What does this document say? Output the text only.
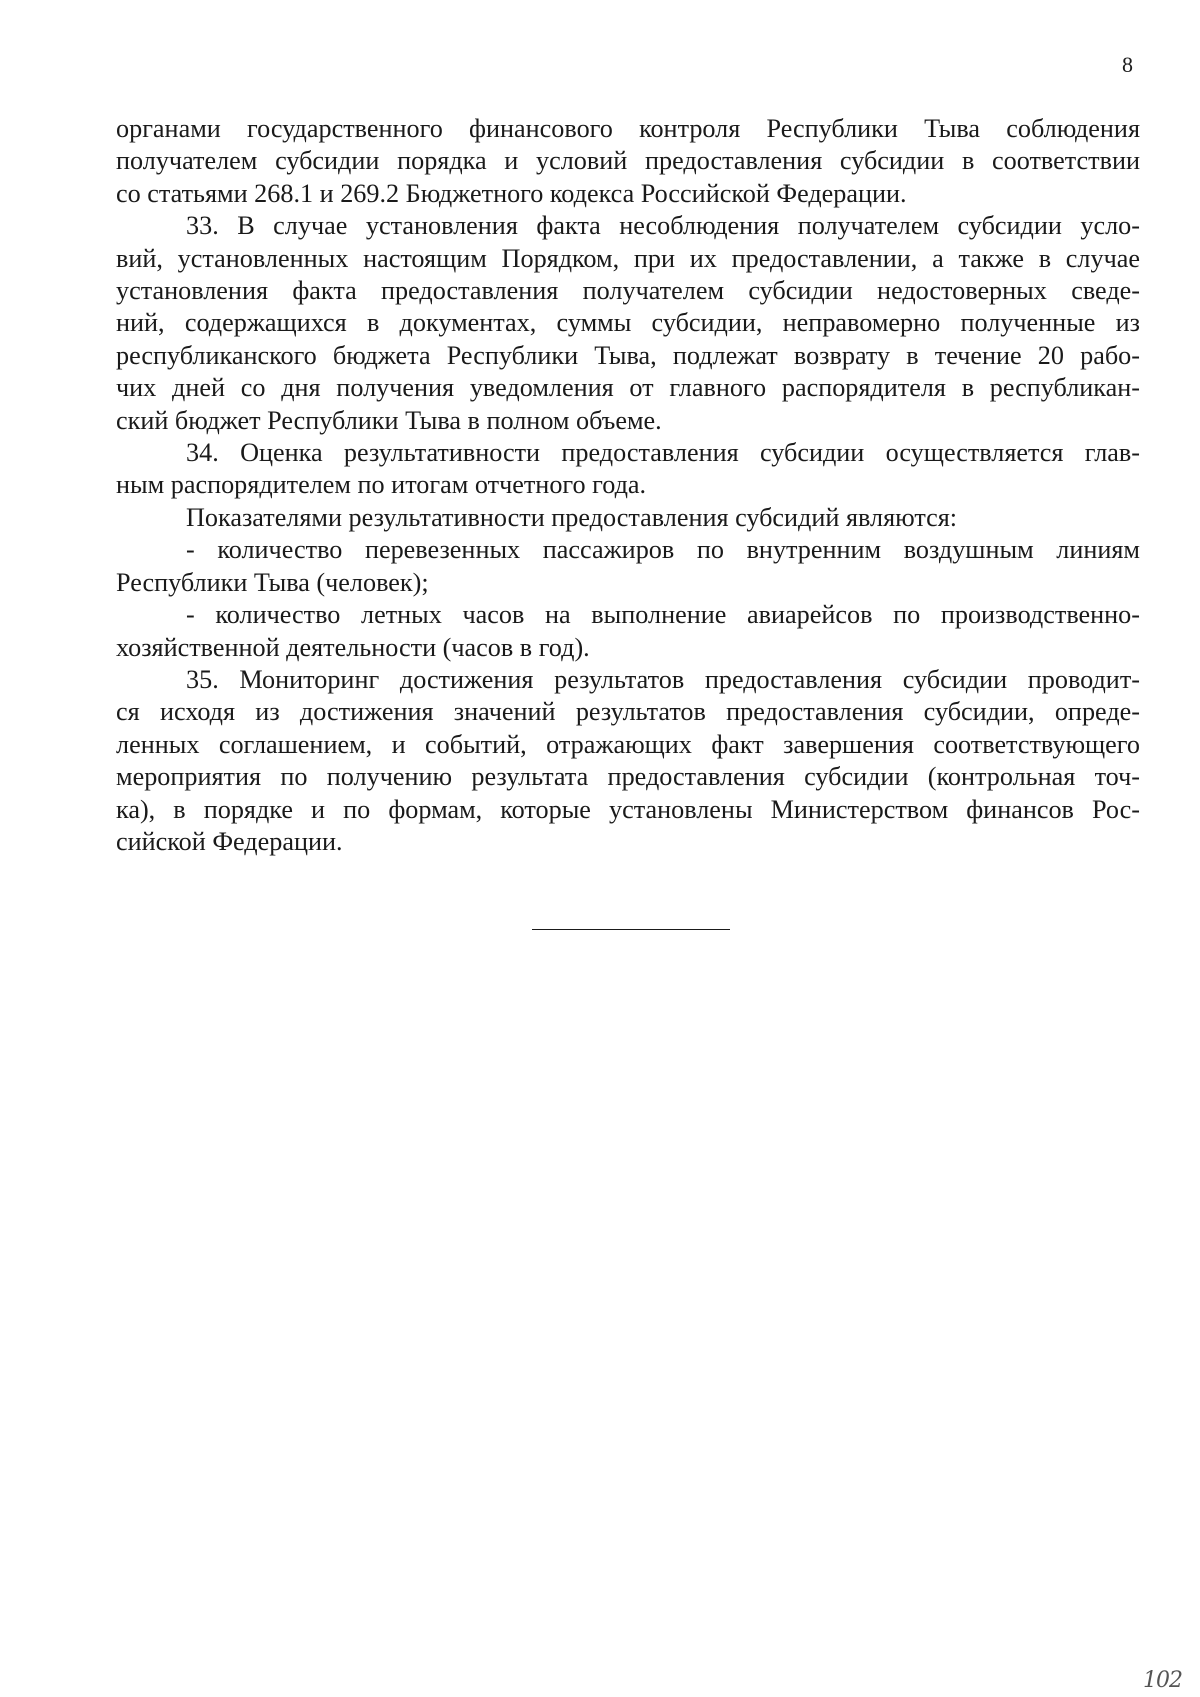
8
органами государственного финансового контроля Республики Тыва соблюдения
получателем субсидии порядка и условий предоставления субсидии в соответствии
со статьями 268.1 и 269.2 Бюджетного кодекса Российской Федерации.
33. В случае установления факта несоблюдения получателем субсидии усло-
вий, установленных настоящим Порядком, при их предоставлении, а также в случае
установления факта предоставления получателем субсидии недостоверных сведе-
ний, содержащихся в документах, суммы субсидии, неправомерно полученные из
республиканского бюджета Республики Тыва, подлежат возврату в течение 20 рабо-
чих дней со дня получения уведомления от главного распорядителя в республикан-
ский бюджет Республики Тыва в полном объеме.
34. Оценка результативности предоставления субсидии осуществляется глав-
ным распорядителем по итогам отчетного года.
Показателями результативности предоставления субсидий являются:
- количество перевезенных пассажиров по внутренним воздушным линиям
Республики Тыва (человек);
- количество летных часов на выполнение авиарейсов по производственно-
хозяйственной деятельности (часов в год).
35. Мониторинг достижения результатов предоставления субсидии проводит-
ся исходя из достижения значений результатов предоставления субсидии, опреде-
ленных соглашением, и событий, отражающих факт завершения соответствующего
мероприятия по получению результата предоставления субсидии (контрольная точ-
ка), в порядке и по формам, которые установлены Министерством финансов Рос-
сийской Федерации.
102
